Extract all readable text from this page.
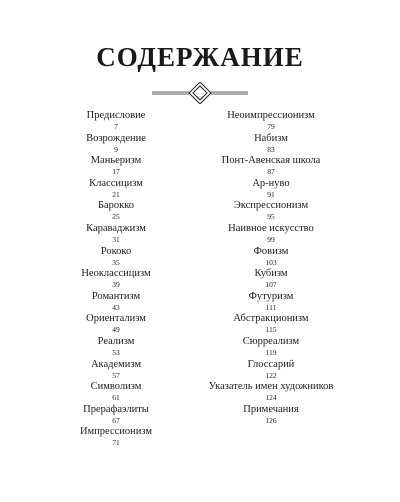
СОДЕРЖАНИЕ
Предисловие
7
Возрождение
9
Маньеризм
17
Классицизм
21
Барокко
25
Караваджизм
31
Рококо
35
Неоклассицизм
39
Романтизм
43
Ориентализм
49
Реализм
53
Академизм
57
Символизм
61
Прерафаэлиты
67
Импрессионизм
71
Неоимпрессионизм
79
Набизм
83
Понт-Авенская школа
87
Ар-нуво
91
Экспрессионизм
95
Наивное искусство
99
Фовизм
103
Кубизм
107
Футуризм
111
Абстракционизм
115
Сюрреализм
119
Глоссарий
122
Указатель имен художников
124
Примечания
126
